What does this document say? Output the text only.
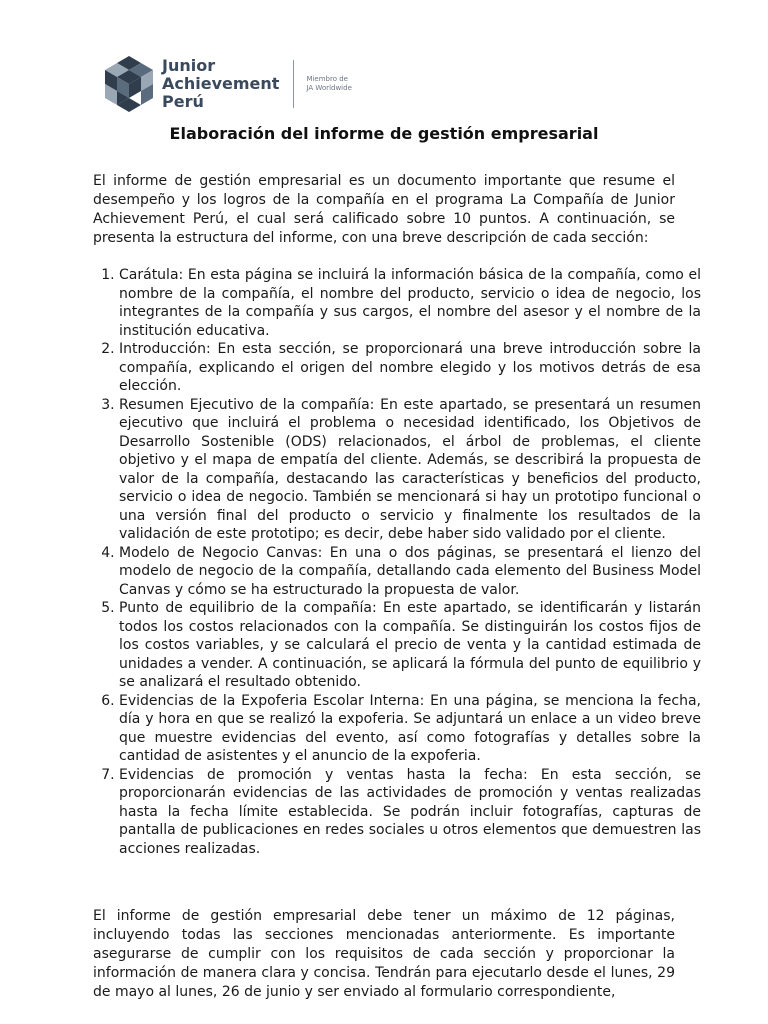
Junior
Achievement
Perú
Miembro de
JA Worldwide
Elaboración del informe de gestión empresarial

El informe de gestión empresarial es un documento importante que resume el desempeño y los logros de la compañía en el programa La Compañía de Junior Achievement Perú, el cual será calificado sobre 10 puntos. A continuación, se presenta la estructura del informe, con una breve descripción de cada sección:

1. Carátula: En esta página se incluirá la información básica de la compañía, como el nombre de la compañía, el nombre del producto, servicio o idea de negocio, los integrantes de la compañía y sus cargos, el nombre del asesor y el nombre de la institución educativa.
2. Introducción: En esta sección, se proporcionará una breve introducción sobre la compañía, explicando el origen del nombre elegido y los motivos detrás de esa elección.
3. Resumen Ejecutivo de la compañía: En este apartado, se presentará un resumen ejecutivo que incluirá el problema o necesidad identificado, los Objetivos de Desarrollo Sostenible (ODS) relacionados, el árbol de problemas, el cliente objetivo y el mapa de empatía del cliente. Además, se describirá la propuesta de valor de la compañía, destacando las características y beneficios del producto, servicio o idea de negocio. También se mencionará si hay un prototipo funcional o una versión final del producto o servicio y finalmente los resultados de la validación de este prototipo; es decir, debe haber sido validado por el cliente.
4. Modelo de Negocio Canvas: En una o dos páginas, se presentará el lienzo del modelo de negocio de la compañía, detallando cada elemento del Business Model Canvas y cómo se ha estructurado la propuesta de valor.
5. Punto de equilibrio de la compañía: En este apartado, se identificarán y listarán todos los costos relacionados con la compañía. Se distinguirán los costos fijos de los costos variables, y se calculará el precio de venta y la cantidad estimada de unidades a vender. A continuación, se aplicará la fórmula del punto de equilibrio y se analizará el resultado obtenido.
6. Evidencias de la Expoferia Escolar Interna: En una página, se menciona la fecha, día y hora en que se realizó la expoferia. Se adjuntará un enlace a un video breve que muestre evidencias del evento, así como fotografías y detalles sobre la cantidad de asistentes y el anuncio de la expoferia.
7. Evidencias de promoción y ventas hasta la fecha: En esta sección, se proporcionarán evidencias de las actividades de promoción y ventas realizadas hasta la fecha límite establecida. Se podrán incluir fotografías, capturas de pantalla de publicaciones en redes sociales u otros elementos que demuestren las acciones realizadas.

El informe de gestión empresarial debe tener un máximo de 12 páginas, incluyendo todas las secciones mencionadas anteriormente. Es importante asegurarse de cumplir con los requisitos de cada sección y proporcionar la información de manera clara y concisa. Tendrán para ejecutarlo desde el lunes, 29 de mayo al lunes, 26 de junio y ser enviado al formulario correspondiente,
